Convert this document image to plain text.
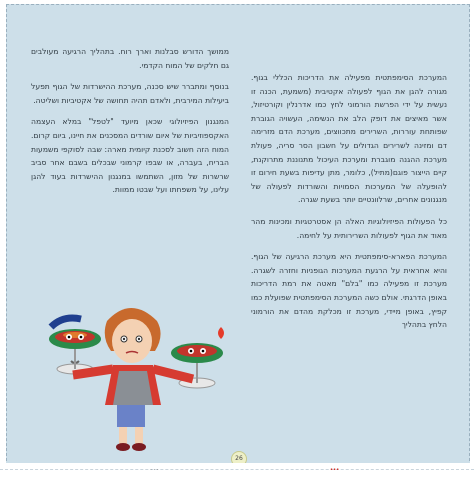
המערכת הסימפתטית מפעילה את הדריכות הכללי בגוף. מגורה להגן את הגוף לפעולה אקטיבית (משמעת, הכנה זו נעשית על ידי הפרשת הורמוני לחץ כמו אדרנלין וקורטיזול, אשר מאיצים את דופק הלב את הנשימה, העשויה הגוברת שפותחת עוררות, השרירים מתכווצים, מערכת הדם מזרימה דם ומזינה לשרירים הגדולים על חשבון הסר סריה, פעולת מערכת ההגנה מוגברת ומערכת העיכול מתנוננת מתרוקנת, קיים הייצור פוגם(מתיל), כלומר, מתן עדיפות בשעת חירום זו להופעלה של המערכות הסמויות והשורדות לפעולה של מנגנונים אחרים, שרלוונטיים יותר בשעת שגרה.

כל הפעולות הפיזיולוגיות האלה הן אסטרטגיות ומכינות מהר מאוד את הגוף לפעולות השרירותית על לחימה.

המערכת הפארא-סימפתטית היא מערכת הרגיעה של הגוף. והיא אחראית על הרגעת המערכות הגופניות וחזרה לשגרה. מערכת זו מפעילה כמו "בלם" מאטה את רמת הדריכות באופן הדרגתי. אולם כשה המערכת הסימפתטית שפועלת כמו קפיץ, באופן מיידי, מערכת זו מכלקת מהדם את הורמוני הלחץ בתהליך

ממושך הדורש סבלנות וארך רוח. בתהליך הרגיעה מעולבים גם חלקים של המוח הקדמי.

בנוסף ומתברר שיש סכנה, מערכת ההישרדות של הגוף תפעל ביעילות המירבית, ולאדם תהיה תחושה של אקטיביות ושליטה.

המנגנון הפיזיולוגי שכאן מיועד "לטפל" במלא העצמה האקספוזיביות של איום שורדים המסכנים את חיינו, ביום קרום. המוח הזה חשוב לסכנת קיומית מארה: שבה לסוקפי משמעות הבריח, בעברה, או שבפו קרמוני שבכלים בשבם אחר סביב שרשרות של מזון, השתמשו במנגנון ההישרדות בעוד להגן עלינו, על משפחתו ועל שבטו ממוות.

26
...	...
